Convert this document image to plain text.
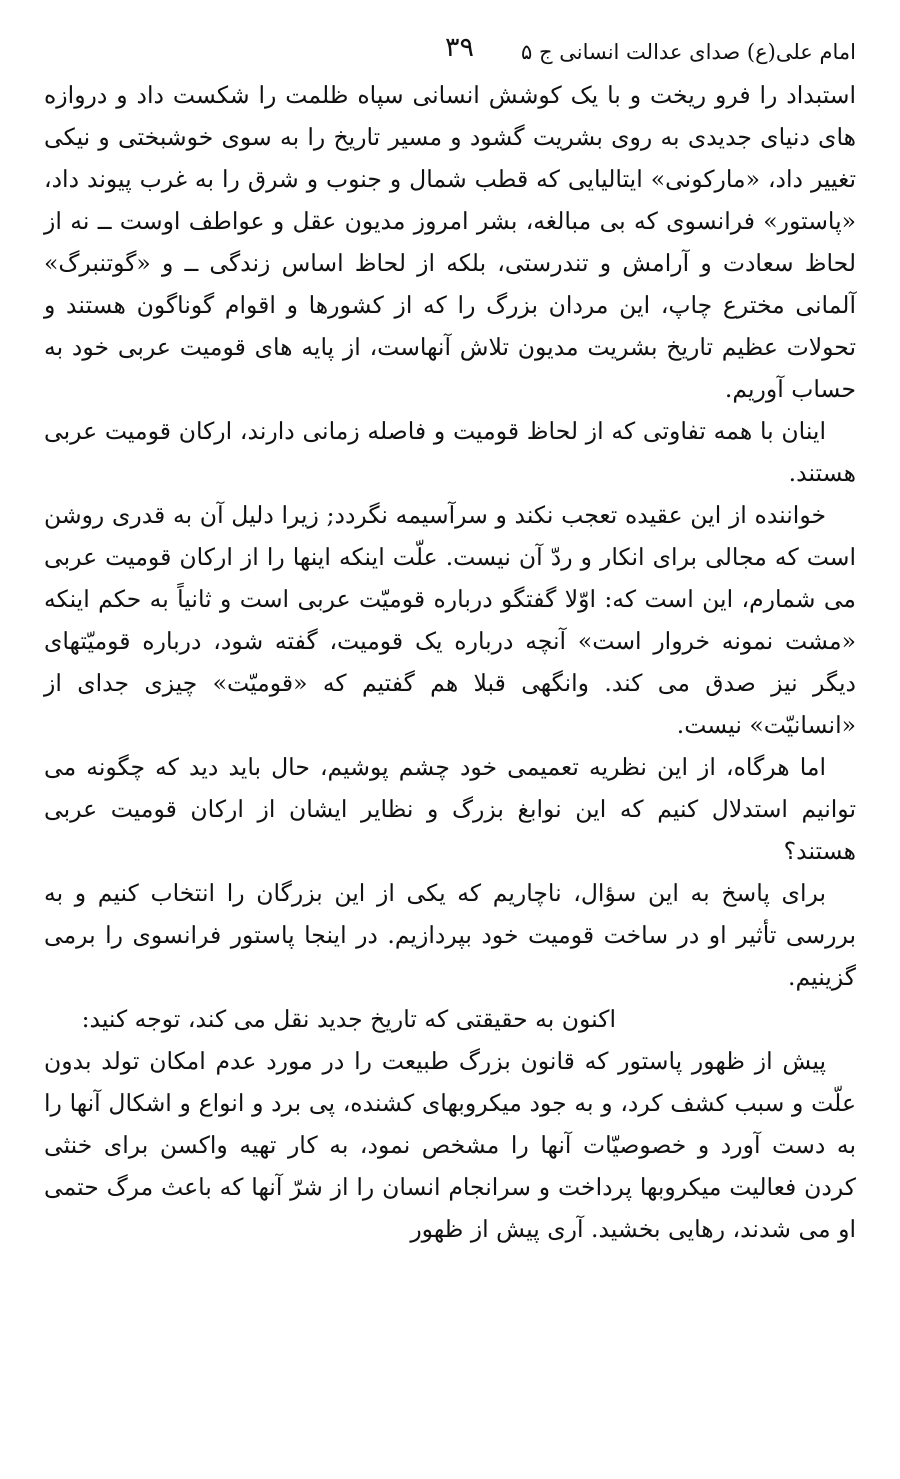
امام علی(ع) صدای عدالت انسانی ج ۵
۳۹

استبداد را فرو ریخت و با یک کوشش انسانی سپاه ظلمت را شکست داد و دروازه های دنیای جدیدی به روی بشریت گشود و مسیر تاریخ را به سوی خوشبختی و نیکی تغییر داد، «مارکونی» ایتالیایی که قطب شمال و جنوب و شرق را به غرب پیوند داد، «پاستور» فرانسوی که بی مبالغه، بشر امروز مدیون عقل و عواطف اوست ــ نه از لحاظ سعادت و آرامش و تندرستی، بلکه از لحاظ اساس زندگی ــ و «گوتنبرگ» آلمانی مخترع چاپ، این مردان بزرگ را که از کشورها و اقوام گوناگون هستند و تحولات عظیم تاریخ بشریت مدیون تلاش آنهاست، از پایه های قومیت عربی خود به حساب آوریم.

اینان با همه تفاوتی که از لحاظ قومیت و فاصله زمانی دارند، ارکان قومیت عربی هستند.

خواننده از این عقیده تعجب نکند و سرآسیمه نگردد; زیرا دلیل آن به قدری روشن است که مجالی برای انکار و ردّ آن نیست. علّت اینکه اینها را از ارکان قومیت عربی می شمارم، این است که: اوّلا گفتگو درباره قومیّت عربی است و ثانیاً به حکم اینکه «مشت نمونه خروار است» آنچه درباره یک قومیت، گفته شود، درباره قومیّتهای دیگر نیز صدق می کند. وانگهی قبلا هم گفتیم که «قومیّت» چیزی جدای از «انسانیّت» نیست.

اما هرگاه، از این نظریه تعمیمی خود چشم پوشیم، حال باید دید که چگونه می توانیم استدلال کنیم که این نوابغ بزرگ و نظایر ایشان از ارکان قومیت عربی هستند؟

برای پاسخ به این سؤال، ناچاریم که یکی از این بزرگان را انتخاب کنیم و به بررسی تأثیر او در ساخت قومیت خود بپردازیم. در اینجا پاستور فرانسوی را برمی گزینیم.

اکنون به حقیقتی که تاریخ جدید نقل می کند، توجه کنید:

پیش از ظهور پاستور که قانون بزرگ طبیعت را در مورد عدم امکان تولد بدون علّت و سبب کشف کرد، و به جود میکروبهای کشنده، پی برد و انواع و اشکال آنها را به دست آورد و خصوصیّات آنها را مشخص نمود، به کار تهیه واکسن برای خنثی کردن فعالیت میکروبها پرداخت و سرانجام انسان را از شرّ آنها که باعث مرگ حتمی او می شدند، رهایی بخشید. آری پیش از ظهور
